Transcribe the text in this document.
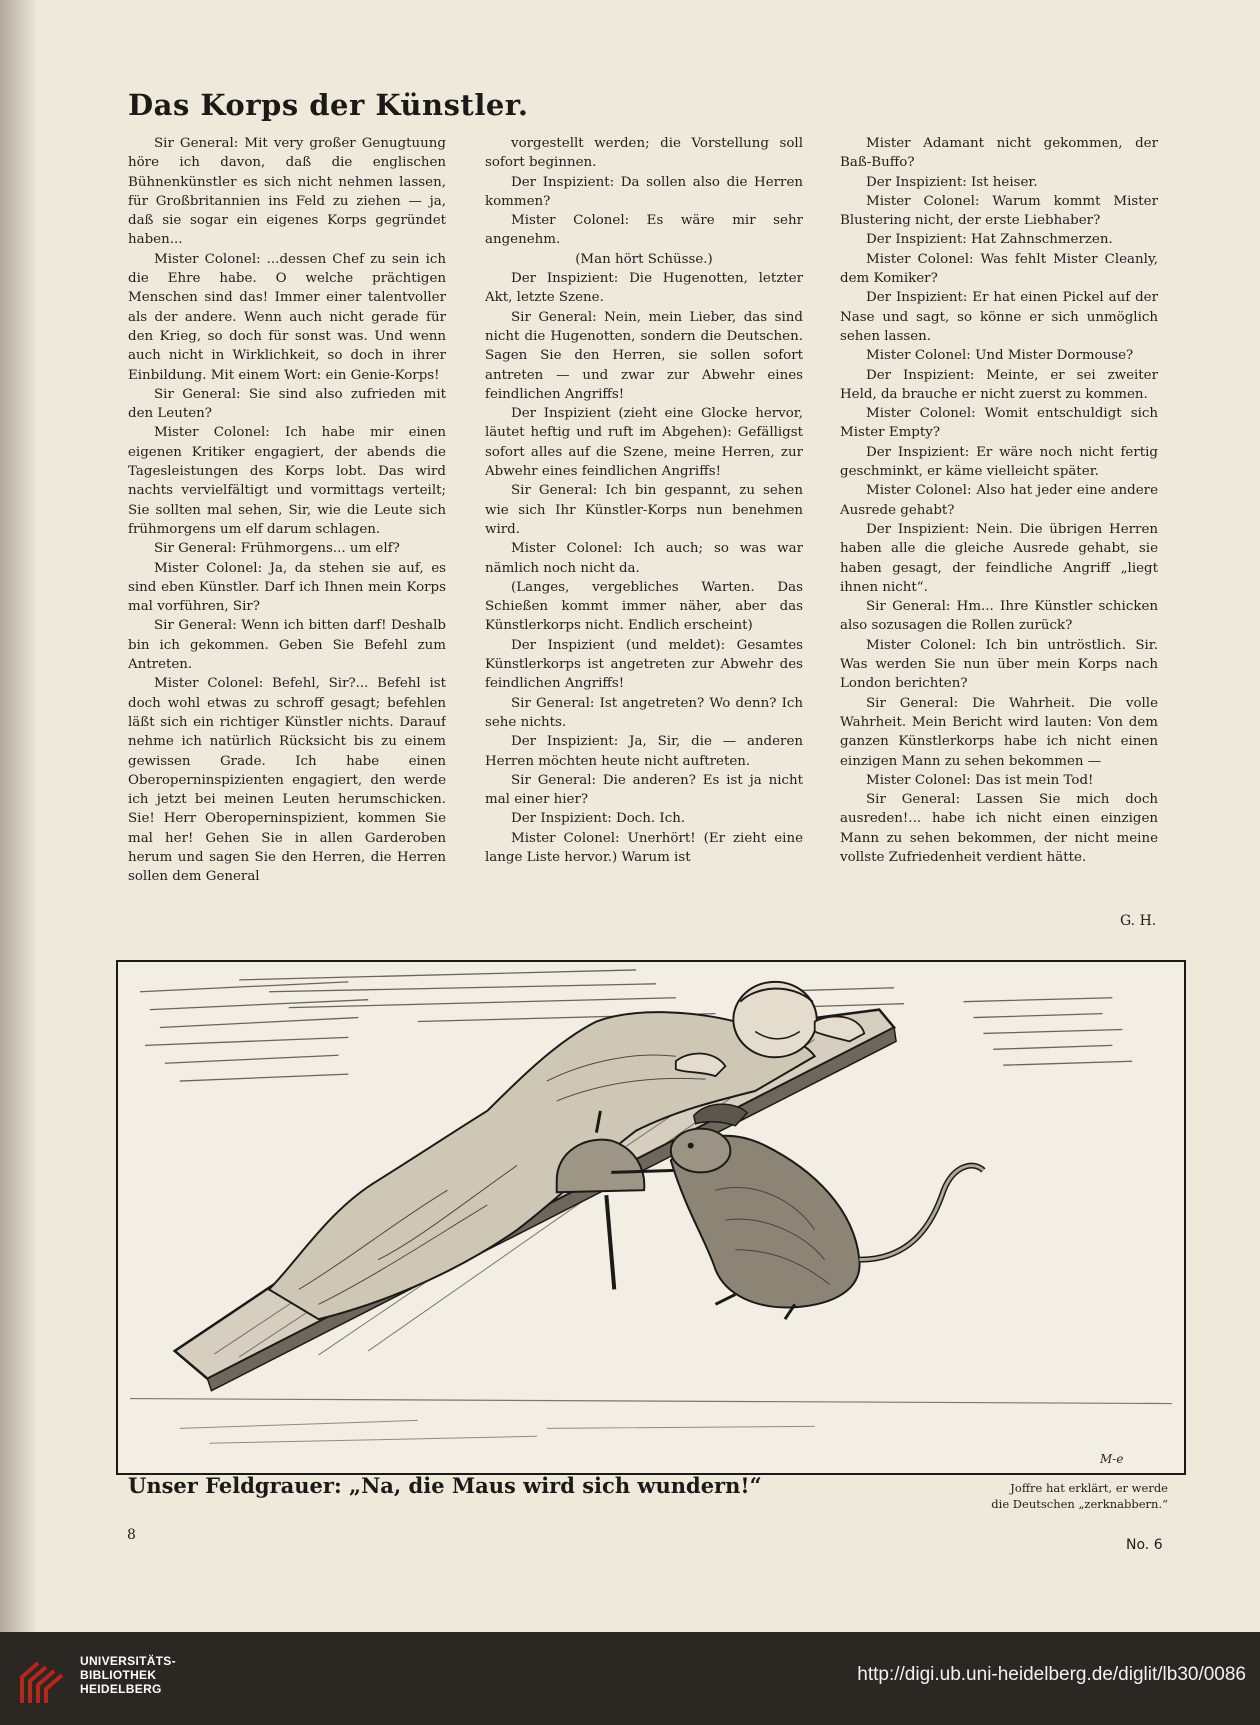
Das Korps der Künstler.

Sir General: Mit very großer Genugtuung höre ich davon, daß die englischen Bühnenkünstler es sich nicht nehmen lassen, für Großbritannien ins Feld zu ziehen — ja, daß sie sogar ein eigenes Korps gegründet haben...

Mister Colonel: ...dessen Chef zu sein ich die Ehre habe. O welche prächtigen Menschen sind das! Immer einer talentvoller als der andere. Wenn auch nicht gerade für den Krieg, so doch für sonst was. Und wenn auch nicht in Wirklichkeit, so doch in ihrer Einbildung. Mit einem Wort: ein Genie-Korps!

Sir General: Sie sind also zufrieden mit den Leuten?

Mister Colonel: Ich habe mir einen eigenen Kritiker engagiert, der abends die Tagesleistungen des Korps lobt. Das wird nachts vervielfältigt und vormittags verteilt; Sie sollten mal sehen, Sir, wie die Leute sich frühmorgens um elf darum schlagen.

Sir General: Frühmorgens... um elf?

Mister Colonel: Ja, da stehen sie auf, es sind eben Künstler. Darf ich Ihnen mein Korps mal vorführen, Sir?

Sir General: Wenn ich bitten darf! Deshalb bin ich gekommen. Geben Sie Befehl zum Antreten.

Mister Colonel: Befehl, Sir?... Befehl ist doch wohl etwas zu schroff gesagt; befehlen läßt sich ein richtiger Künstler nichts. Darauf nehme ich natürlich Rücksicht bis zu einem gewissen Grade. Ich habe einen Oberoperninspizienten engagiert, den werde ich jetzt bei meinen Leuten herumschicken. Sie! Herr Oberoperninspizient, kommen Sie mal her! Gehen Sie in allen Garderoben herum und sagen Sie den Herren, die Herren sollen dem General

vorgestellt werden; die Vorstellung soll sofort beginnen.

Der Inspizient: Da sollen also die Herren kommen?

Mister Colonel: Es wäre mir sehr angenehm.

(Man hört Schüsse.)

Der Inspizient: Die Hugenotten, letzter Akt, letzte Szene.

Sir General: Nein, mein Lieber, das sind nicht die Hugenotten, sondern die Deutschen. Sagen Sie den Herren, sie sollen sofort antreten — und zwar zur Abwehr eines feindlichen Angriffs!

Der Inspizient (zieht eine Glocke hervor, läutet heftig und ruft im Abgehen): Gefälligst sofort alles auf die Szene, meine Herren, zur Abwehr eines feindlichen Angriffs!

Sir General: Ich bin gespannt, zu sehen wie sich Ihr Künstler-Korps nun benehmen wird.

Mister Colonel: Ich auch; so was war nämlich noch nicht da.

(Langes, vergebliches Warten. Das Schießen kommt immer näher, aber das Künstlerkorps nicht. Endlich erscheint)

Der Inspizient (und meldet): Gesamtes Künstlerkorps ist angetreten zur Abwehr des feindlichen Angriffs!

Sir General: Ist angetreten? Wo denn? Ich sehe nichts.

Der Inspizient: Ja, Sir, die — anderen Herren möchten heute nicht auftreten.

Sir General: Die anderen? Es ist ja nicht mal einer hier?

Der Inspizient: Doch. Ich.

Mister Colonel: Unerhört! (Er zieht eine lange Liste hervor.) Warum ist

Mister Adamant nicht gekommen, der Baß-Buffo?

Der Inspizient: Ist heiser.

Mister Colonel: Warum kommt Mister Blustering nicht, der erste Liebhaber?

Der Inspizient: Hat Zahnschmerzen.

Mister Colonel: Was fehlt Mister Cleanly, dem Komiker?

Der Inspizient: Er hat einen Pickel auf der Nase und sagt, so könne er sich unmöglich sehen lassen.

Mister Colonel: Und Mister Dormouse?

Der Inspizient: Meinte, er sei zweiter Held, da brauche er nicht zuerst zu kommen.

Mister Colonel: Womit entschuldigt sich Mister Empty?

Der Inspizient: Er wäre noch nicht fertig geschminkt, er käme vielleicht später.

Mister Colonel: Also hat jeder eine andere Ausrede gehabt?

Der Inspizient: Nein. Die übrigen Herren haben alle die gleiche Ausrede gehabt, sie haben gesagt, der feindliche Angriff „liegt ihnen nicht“.

Sir General: Hm... Ihre Künstler schicken also sozusagen die Rollen zurück?

Mister Colonel: Ich bin untröstlich. Sir. Was werden Sie nun über mein Korps nach London berichten?

Sir General: Die Wahrheit. Die volle Wahrheit. Mein Bericht wird lauten: Von dem ganzen Künstlerkorps habe ich nicht einen einzigen Mann zu sehen bekommen —

Mister Colonel: Das ist mein Tod!

Sir General: Lassen Sie mich doch ausreden!... habe ich nicht einen einzigen Mann zu sehen bekommen, der nicht meine vollste Zufriedenheit verdient hätte.

G. H.
M-e
Unser Feldgrauer: „Na, die Maus wird sich wundern!“	Joffre hat erklärt, er werde
die Deutschen „zerknabbern.“
8
No. 6
UNIVERSITÄTS-
BIBLIOTHEK
HEIDELBERG
http://digi.ub.uni-heidelberg.de/diglit/lb30/0086
